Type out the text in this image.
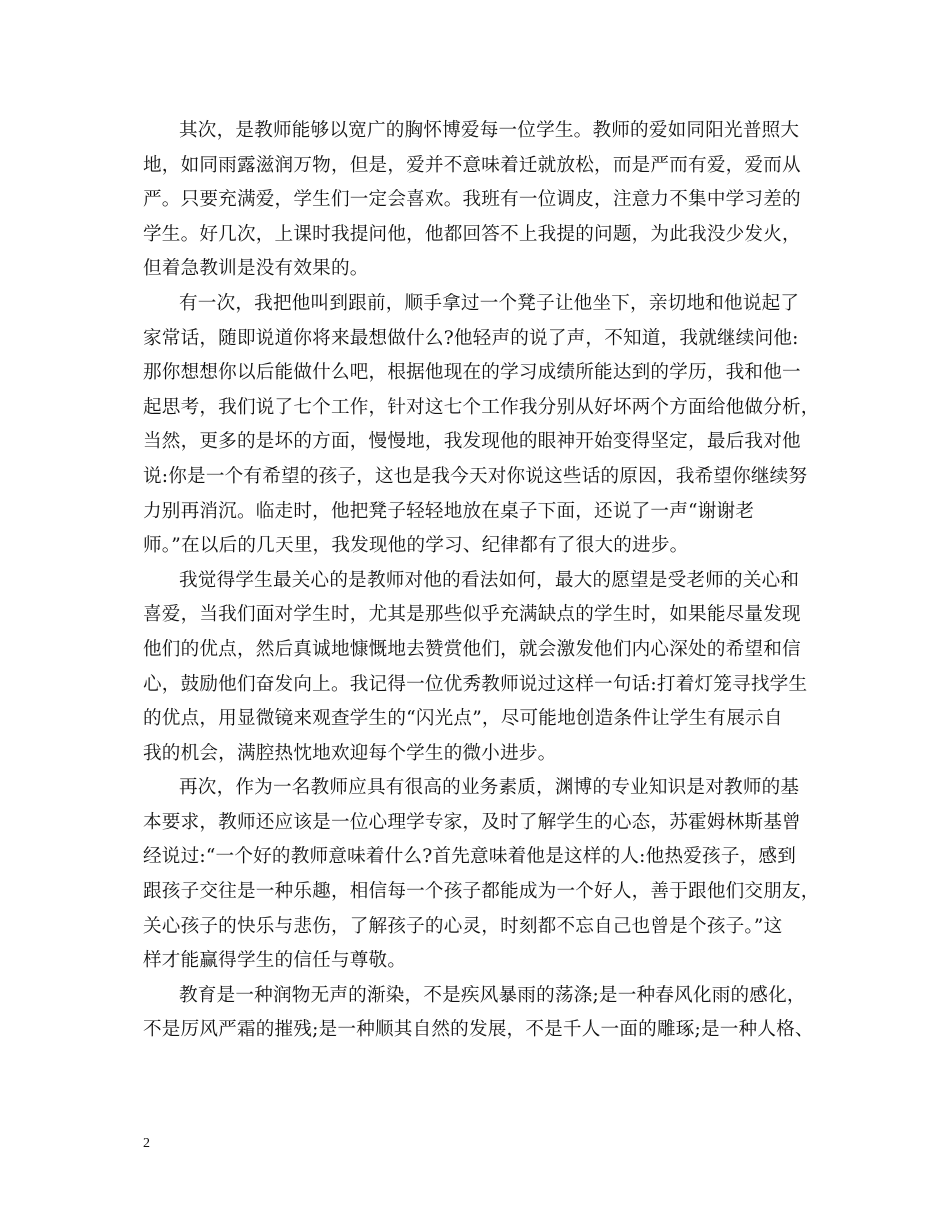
其次，是教师能够以宽广的胸怀博爱每一位学生。教师的爱如同阳光普照大
地，如同雨露滋润万物，但是，爱并不意味着迁就放松，而是严而有爱，爱而从
严。只要充满爱，学生们一定会喜欢。我班有一位调皮，注意力不集中学习差的
学生。好几次，上课时我提问他，他都回答不上我提的问题，为此我没少发火，
但着急教训是没有效果的。
有一次，我把他叫到跟前，顺手拿过一个凳子让他坐下，亲切地和他说起了
家常话，随即说道你将来最想做什么?他轻声的说了声，不知道，我就继续问他:
那你想想你以后能做什么吧，根据他现在的学习成绩所能达到的学历，我和他一
起思考，我们说了七个工作，针对这七个工作我分别从好坏两个方面给他做分析，
当然，更多的是坏的方面，慢慢地，我发现他的眼神开始变得坚定，最后我对他
说:你是一个有希望的孩子，这也是我今天对你说这些话的原因，我希望你继续努
力别再消沉。临走时，他把凳子轻轻地放在桌子下面，还说了一声“谢谢老
师。”在以后的几天里，我发现他的学习、纪律都有了很大的进步。
我觉得学生最关心的是教师对他的看法如何，最大的愿望是受老师的关心和
喜爱，当我们面对学生时，尤其是那些似乎充满缺点的学生时，如果能尽量发现
他们的优点，然后真诚地慷慨地去赞赏他们，就会激发他们内心深处的希望和信
心，鼓励他们奋发向上。我记得一位优秀教师说过这样一句话:打着灯笼寻找学生
的优点，用显微镜来观查学生的“闪光点”，尽可能地创造条件让学生有展示自
我的机会，满腔热忱地欢迎每个学生的微小进步。
再次，作为一名教师应具有很高的业务素质，渊博的专业知识是对教师的基
本要求，教师还应该是一位心理学专家，及时了解学生的心态，苏霍姆林斯基曾
经说过:“一个好的教师意味着什么?首先意味着他是这样的人:他热爱孩子，感到
跟孩子交往是一种乐趣，相信每一个孩子都能成为一个好人，善于跟他们交朋友，
关心孩子的快乐与悲伤，了解孩子的心灵，时刻都不忘自己也曾是个孩子。”这
样才能赢得学生的信任与尊敬。
教育是一种润物无声的渐染，不是疾风暴雨的荡涤;是一种春风化雨的感化，
不是厉风严霜的摧残;是一种顺其自然的发展，不是千人一面的雕琢;是一种人格、
2
